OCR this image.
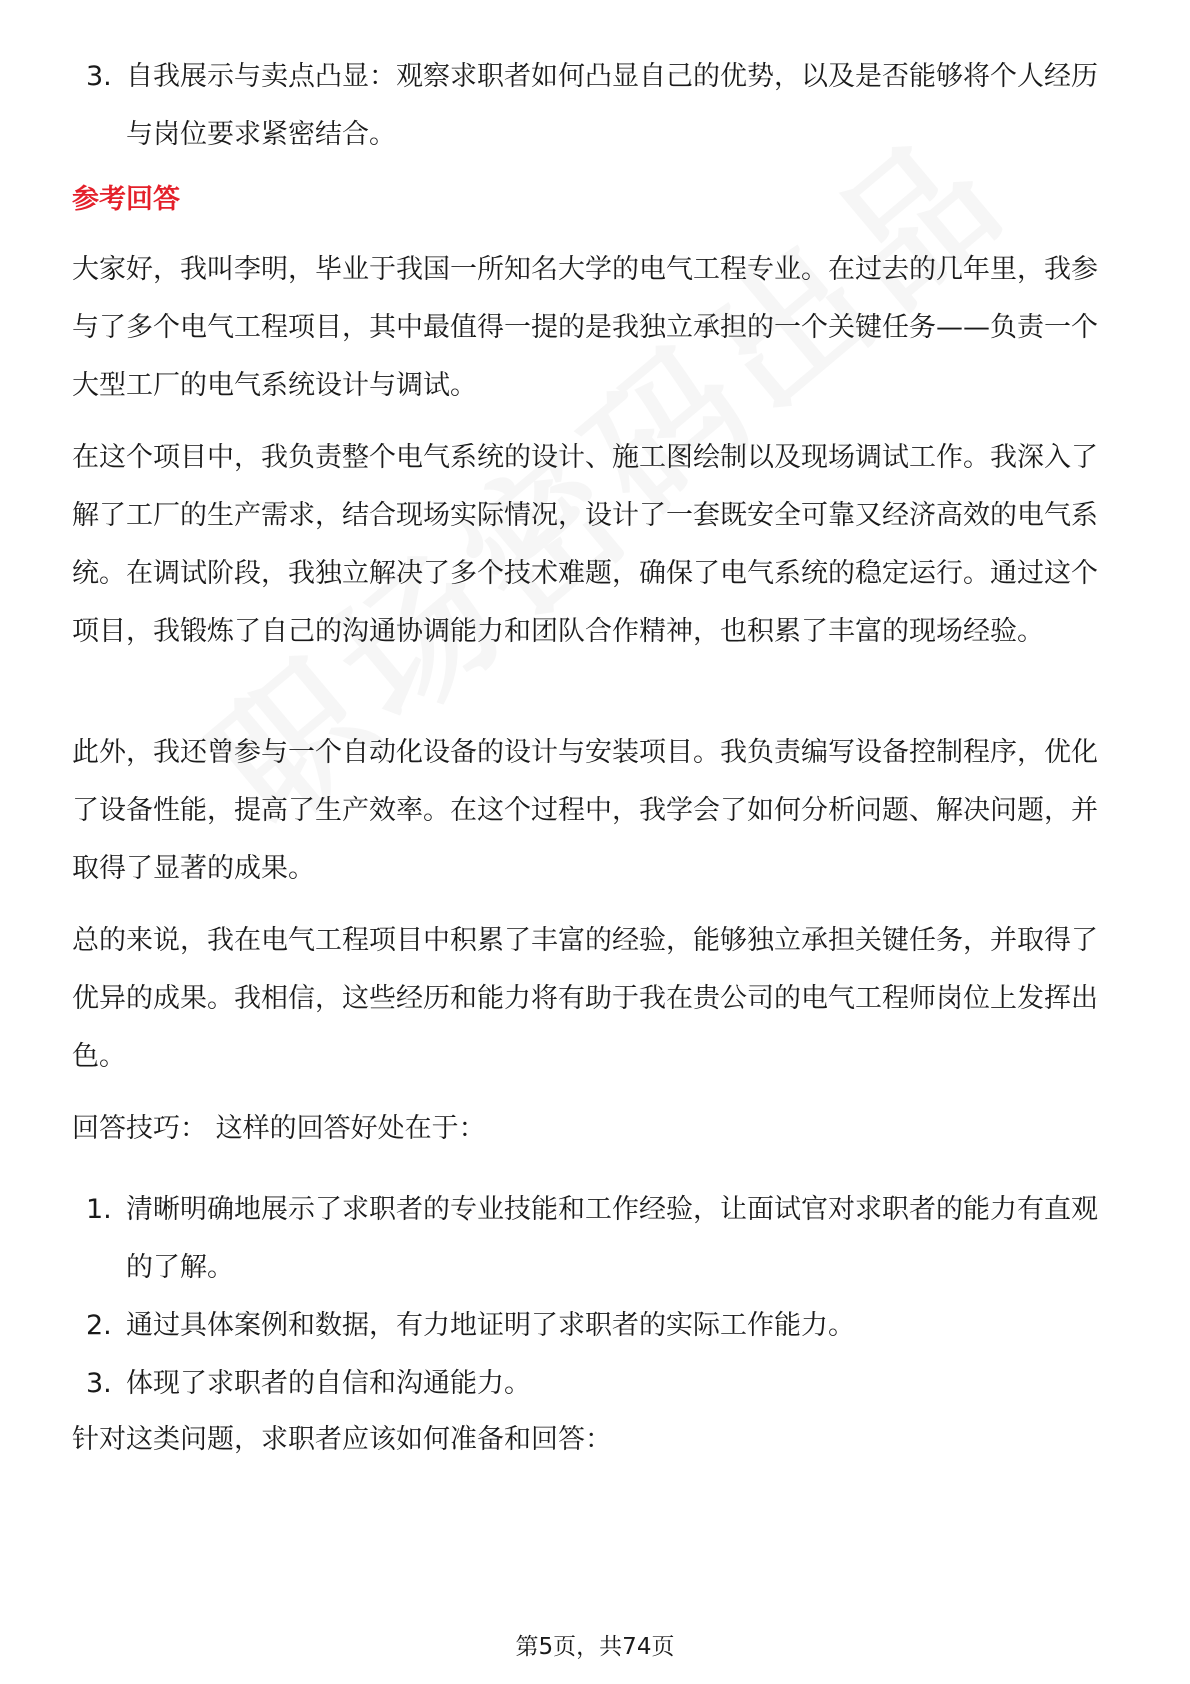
3. 自我展示与卖点凸显：观察求职者如何凸显自己的优势，以及是否能够将个人经历与岗位要求紧密结合。
参考回答

大家好，我叫李明，毕业于我国一所知名大学的电气工程专业。在过去的几年里，我参与了多个电气工程项目，其中最值得一提的是我独立承担的一个关键任务——负责一个大型工厂的电气系统设计与调试。

在这个项目中，我负责整个电气系统的设计、施工图绘制以及现场调试工作。我深入了解了工厂的生产需求，结合现场实际情况，设计了一套既安全可靠又经济高效的电气系统。在调试阶段，我独立解决了多个技术难题，确保了电气系统的稳定运行。通过这个项目，我锻炼了自己的沟通协调能力和团队合作精神，也积累了丰富的现场经验。

此外，我还曾参与一个自动化设备的设计与安装项目。我负责编写设备控制程序，优化了设备性能，提高了生产效率。在这个过程中，我学会了如何分析问题、解决问题，并取得了显著的成果。

总的来说，我在电气工程项目中积累了丰富的经验，能够独立承担关键任务，并取得了优异的成果。我相信，这些经历和能力将有助于我在贵公司的电气工程师岗位上发挥出色。

回答技巧： 这样的回答好处在于：

1. 清晰明确地展示了求职者的专业技能和工作经验，让面试官对求职者的能力有直观的了解。
2. 通过具体案例和数据，有力地证明了求职者的实际工作能力。
3. 体现了求职者的自信和沟通能力。

针对这类问题，求职者应该如何准备和回答：

第5页，共74页
